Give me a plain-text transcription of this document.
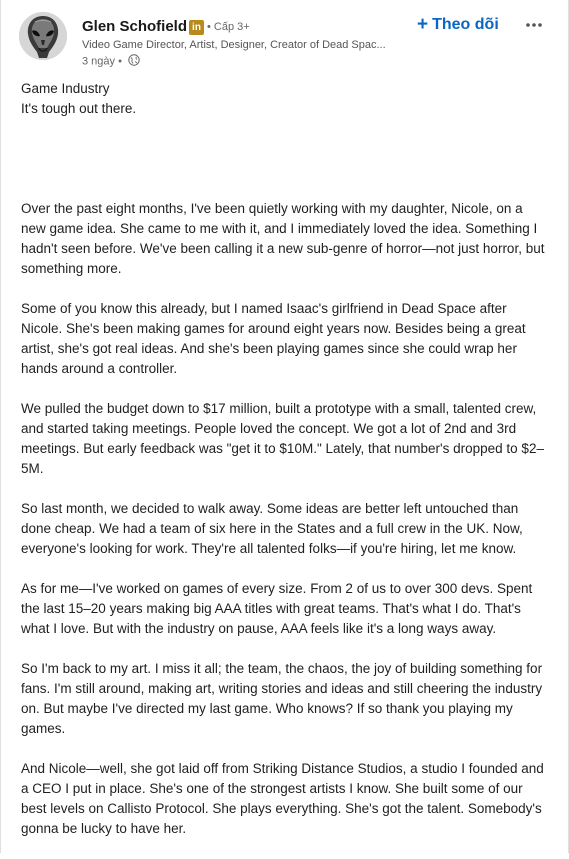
Glen Schofield in • Cấp 3+
Video Game Director, Artist, Designer, Creator of Dead Spac...
3 ngày •
+ Theo dõi

Game Industry

It's tough out there.

Over the past eight months, I've been quietly working with my daughter, Nicole, on a new game idea. She came to me with it, and I immediately loved the idea. Something I hadn't seen before. We've been calling it a new sub-genre of horror—not just horror, but something more.

Some of you know this already, but I named Isaac's girlfriend in Dead Space after Nicole. She's been making games for around eight years now. Besides being a great artist, she's got real ideas. And she's been playing games since she could wrap her hands around a controller.

We pulled the budget down to $17 million, built a prototype with a small, talented crew, and started taking meetings. People loved the concept. We got a lot of 2nd and 3rd meetings. But early feedback was "get it to $10M." Lately, that number's dropped to $2–5M.

So last month, we decided to walk away. Some ideas are better left untouched than done cheap. We had a team of six here in the States and a full crew in the UK. Now, everyone's looking for work. They're all talented folks—if you're hiring, let me know.

As for me—I've worked on games of every size. From 2 of us to over 300 devs. Spent the last 15–20 years making big AAA titles with great teams. That's what I do. That's what I love. But with the industry on pause, AAA feels like it's a long ways away.

So I'm back to my art. I miss it all; the team, the chaos, the joy of building something for fans. I'm still around, making art, writing stories and ideas and still cheering the industry on. But maybe I've directed my last game. Who knows? If so thank you playing my games.

And Nicole—well, she got laid off from Striking Distance Studios, a studio I founded and a CEO I put in place. She's one of the strongest artists I know. She built some of our best levels on Callisto Protocol. She plays everything. She's got the talent. Somebody's gonna be lucky to have her.
